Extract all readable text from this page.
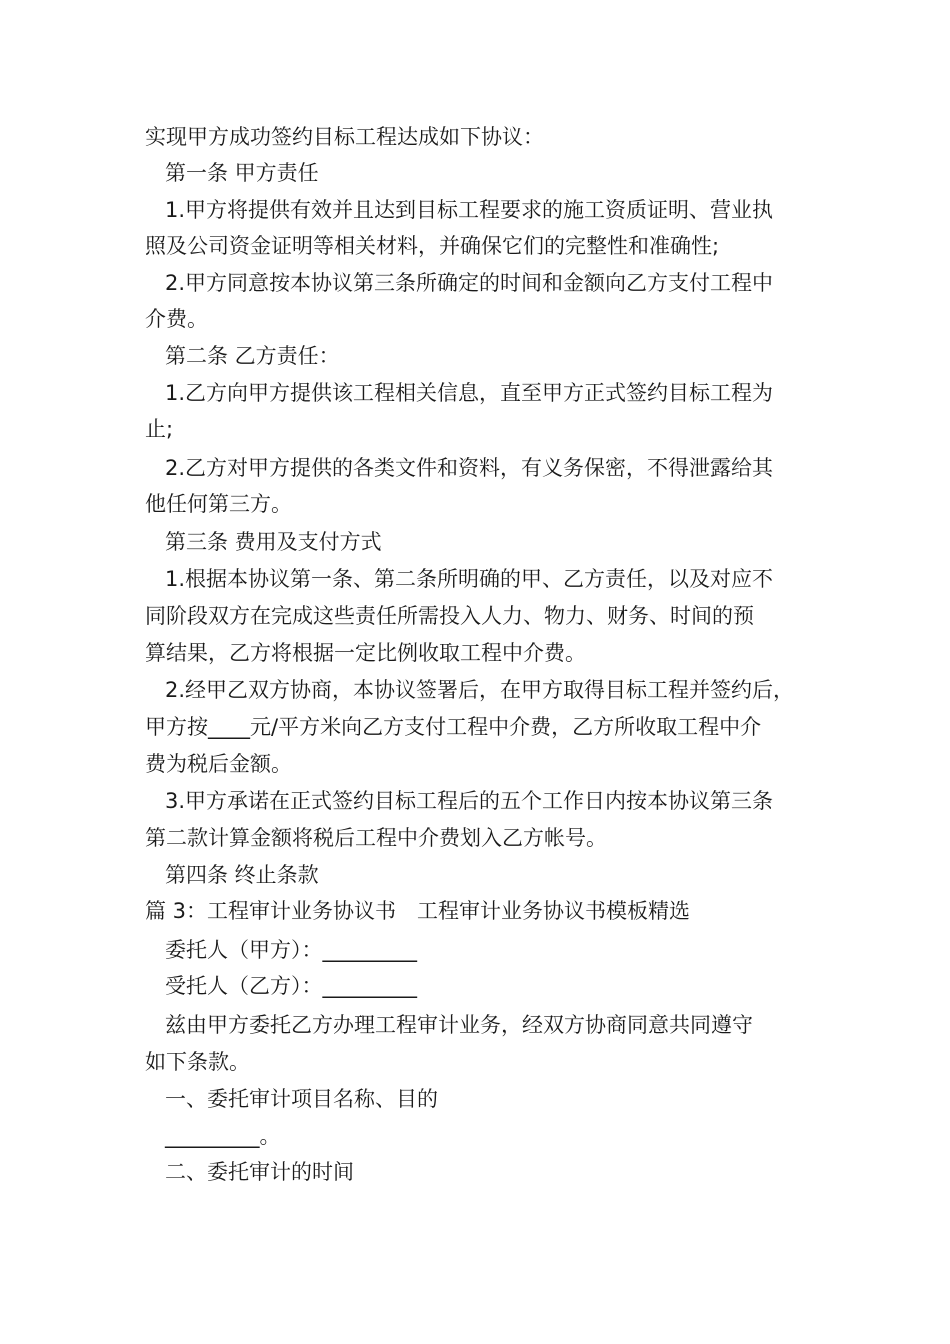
实现甲方成功签约目标工程达成如下协议：
第一条 甲方责任
1.甲方将提供有效并且达到目标工程要求的施工资质证明、营业执
照及公司资金证明等相关材料，并确保它们的完整性和准确性;
2.甲方同意按本协议第三条所确定的时间和金额向乙方支付工程中
介费。
第二条 乙方责任：
1.乙方向甲方提供该工程相关信息，直至甲方正式签约目标工程为
止;
2.乙方对甲方提供的各类文件和资料，有义务保密，不得泄露给其
他任何第三方。
第三条 费用及支付方式
1.根据本协议第一条、第二条所明确的甲、乙方责任，以及对应不
同阶段双方在完成这些责任所需投入人力、物力、财务、时间的预
算结果，乙方将根据一定比例收取工程中介费。
2.经甲乙双方协商，本协议签署后，在甲方取得目标工程并签约后，
甲方按____元/平方米向乙方支付工程中介费，乙方所收取工程中介
费为税后金额。
3.甲方承诺在正式签约目标工程后的五个工作日内按本协议第三条
第二款计算金额将税后工程中介费划入乙方帐号。
第四条 终止条款
篇 3：工程审计业务协议书　工程审计业务协议书模板精选
委托人（甲方）：_________
受托人（乙方）：_________
兹由甲方委托乙方办理工程审计业务，经双方协商同意共同遵守
如下条款。
一、委托审计项目名称、目的
_________。
二、委托审计的时间
